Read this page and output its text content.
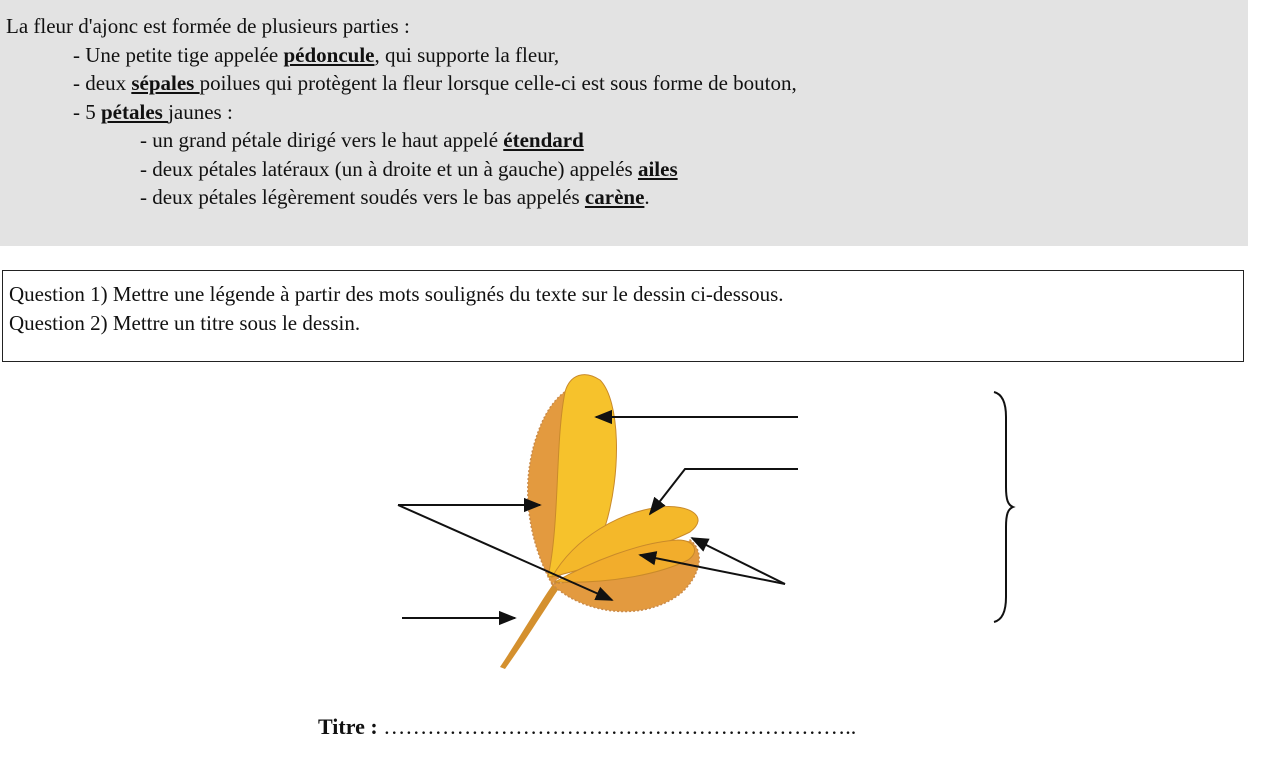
La fleur d'ajonc est formée de plusieurs parties :
- Une petite tige appelée pédoncule, qui supporte la fleur,
- deux sépales poilues qui protègent la fleur lorsque celle-ci est sous forme de bouton,
- 5 pétales jaunes :
- un grand pétale dirigé vers le haut appelé étendard
- deux pétales latéraux (un à droite et un à gauche) appelés ailes
- deux pétales légèrement soudés vers le bas appelés carène.
Question 1) Mettre une légende à partir des mots soulignés du texte sur le dessin ci-dessous.
Question 2) Mettre un titre sous le dessin.
Titre : ………………………………………………………..
